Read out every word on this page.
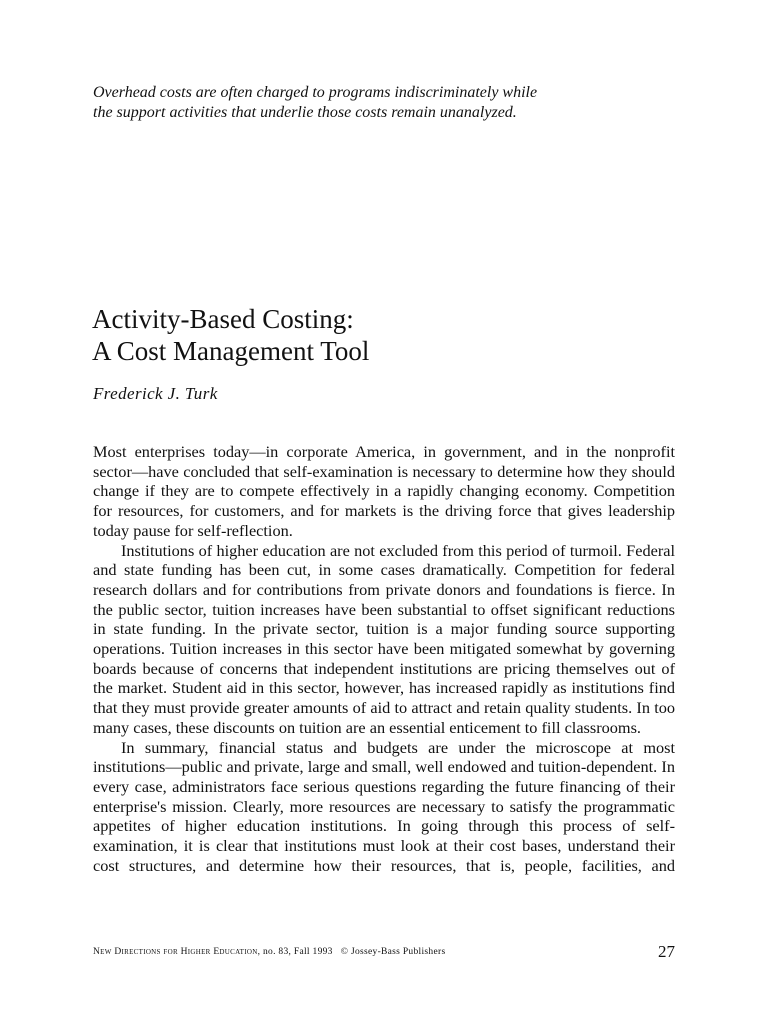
Overhead costs are often charged to programs indiscriminately while
the support activities that underlie those costs remain unanalyzed.
Activity-Based Costing:
A Cost Management Tool
Frederick J. Turk

Most enterprises today—in corporate America, in government, and in the nonprofit sector—have concluded that self-examination is necessary to determine how they should change if they are to compete effectively in a rapidly changing economy. Competition for resources, for customers, and for markets is the driving force that gives leadership today pause for self-reflection.

Institutions of higher education are not excluded from this period of turmoil. Federal and state funding has been cut, in some cases dramatically. Competition for federal research dollars and for contributions from private donors and foundations is fierce. In the public sector, tuition increases have been substantial to offset significant reductions in state funding. In the private sector, tuition is a major funding source supporting operations. Tuition increases in this sector have been mitigated somewhat by governing boards because of concerns that independent institutions are pricing themselves out of the market. Student aid in this sector, however, has increased rapidly as institutions find that they must provide greater amounts of aid to attract and retain quality students. In too many cases, these discounts on tuition are an essential enticement to fill classrooms.

In summary, financial status and budgets are under the microscope at most institutions—public and private, large and small, well endowed and tuition-dependent. In every case, administrators face serious questions regarding the future financing of their enterprise's mission. Clearly, more resources are necessary to satisfy the programmatic appetites of higher education institutions. In going through this process of self-examination, it is clear that institutions must look at their cost bases, understand their cost structures, and determine how their resources, that is, people, facilities, and

New Directions for Higher Education, no. 83, Fall 1993 © Jossey-Bass Publishers	27
